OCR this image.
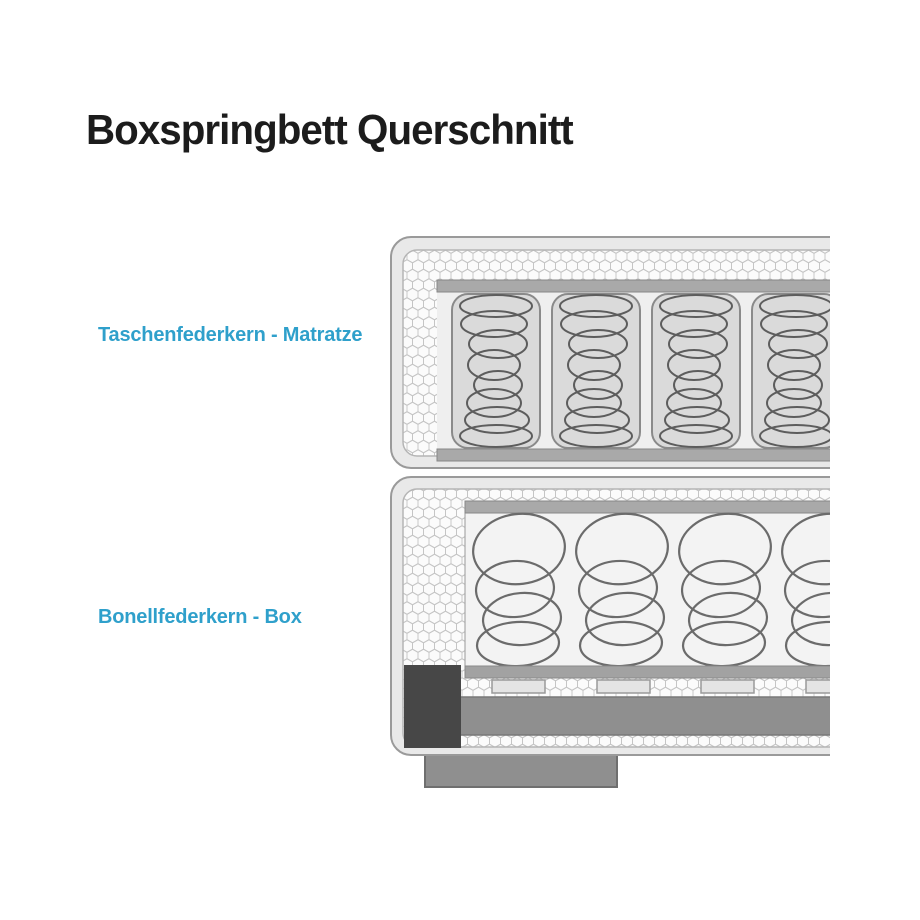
Boxspringbett Querschnitt

Taschenfederkern - Matratze

Bonellfederkern - Box
